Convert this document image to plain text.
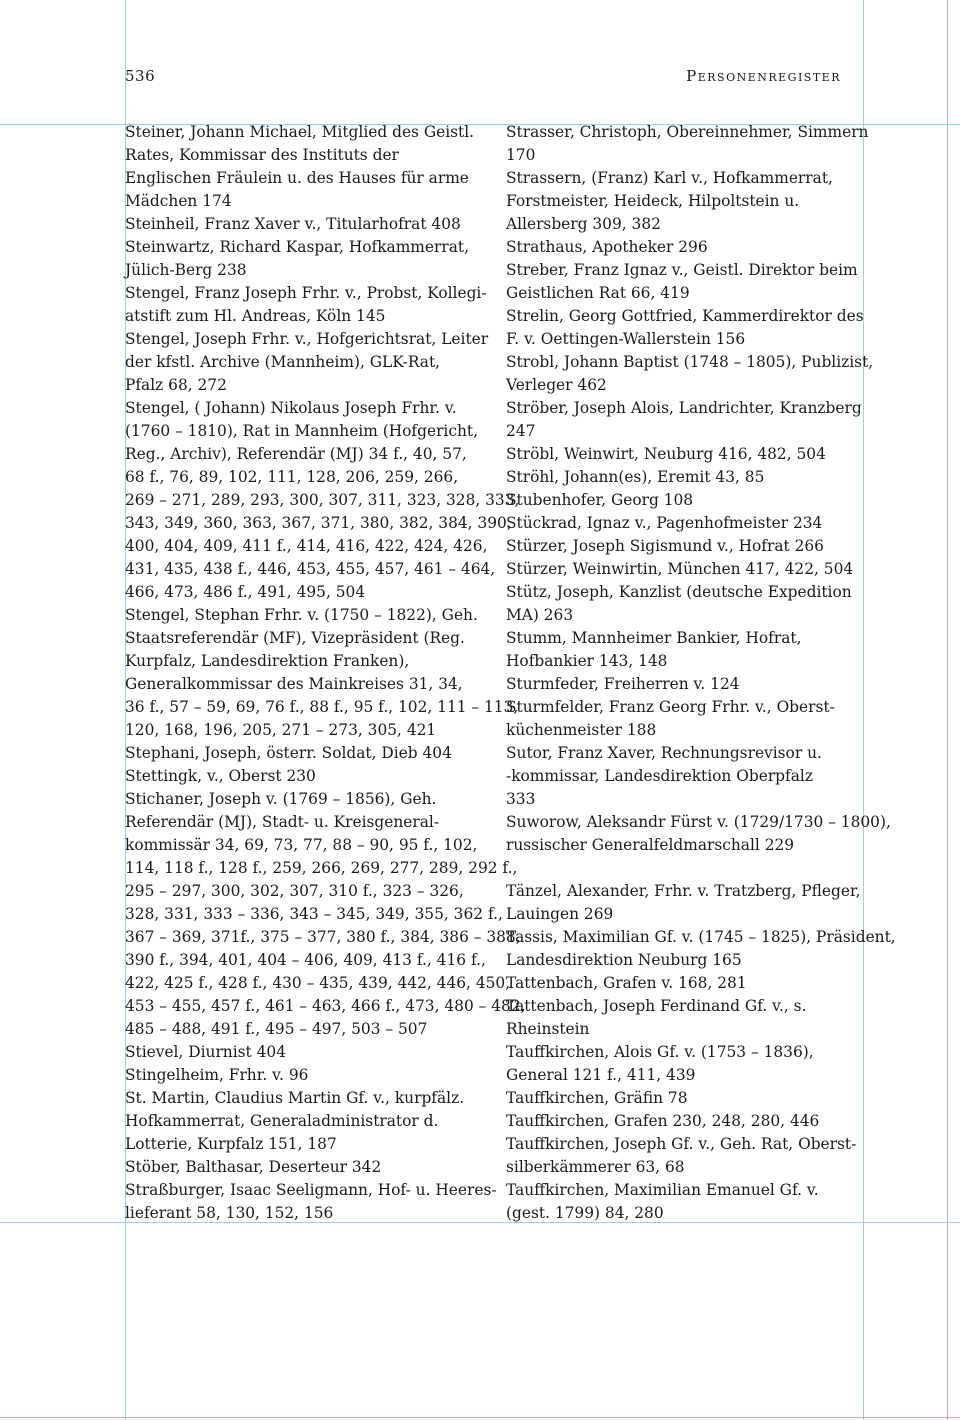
536	Personenregister

Steiner, Johann Michael, Mitglied des Geistl.
Rates, Kommissar des Instituts der
Englischen Fräulein u. des Hauses für arme
Mädchen 174

Steinheil, Franz Xaver v., Titularhofrat 408

Steinwartz, Richard Kaspar, Hofkammerrat,
Jülich-Berg 238

Stengel, Franz Joseph Frhr. v., Probst, Kollegi-
atstift zum Hl. Andreas, Köln 145

Stengel, Joseph Frhr. v., Hofgerichtsrat, Leiter
der kfstl. Archive (Mannheim), GLK-Rat,
Pfalz 68, 272

Stengel, ( Johann) Nikolaus Joseph Frhr. v.
(1760 – 1810), Rat in Mannheim (Hofgericht,
Reg., Archiv), Referendär (MJ) 34 f., 40, 57,
68 f., 76, 89, 102, 111, 128, 206, 259, 266,
269 – 271, 289, 293, 300, 307, 311, 323, 328, 333,
343, 349, 360, 363, 367, 371, 380, 382, 384, 390,
400, 404, 409, 411 f., 414, 416, 422, 424, 426,
431, 435, 438 f., 446, 453, 455, 457, 461 – 464,
466, 473, 486 f., 491, 495, 504

Stengel, Stephan Frhr. v. (1750 – 1822), Geh.
Staatsreferendär (MF), Vizepräsident (Reg.
Kurpfalz, Landesdirektion Franken),
Generalkommissar des Mainkreises 31, 34,
36 f., 57 – 59, 69, 76 f., 88 f., 95 f., 102, 111 – 113,
120, 168, 196, 205, 271 – 273, 305, 421

Stephani, Joseph, österr. Soldat, Dieb 404

Stettingk, v., Oberst 230

Stichaner, Joseph v. (1769 – 1856), Geh.
Referendär (MJ), Stadt- u. Kreisgeneral-
kommissär 34, 69, 73, 77, 88 – 90, 95 f., 102,
114, 118 f., 128 f., 259, 266, 269, 277, 289, 292 f.,
295 – 297, 300, 302, 307, 310 f., 323 – 326,
328, 331, 333 – 336, 343 – 345, 349, 355, 362 f.,
367 – 369, 371f., 375 – 377, 380 f., 384, 386 – 388,
390 f., 394, 401, 404 – 406, 409, 413 f., 416 f.,
422, 425 f., 428 f., 430 – 435, 439, 442, 446, 450,
453 – 455, 457 f., 461 – 463, 466 f., 473, 480 – 482,
485 – 488, 491 f., 495 – 497, 503 – 507

Stievel, Diurnist 404

Stingelheim, Frhr. v. 96

St. Martin, Claudius Martin Gf. v., kurpfälz.
Hofkammerrat, Generaladministrator d.
Lotterie, Kurpfalz 151, 187

Stöber, Balthasar, Deserteur 342

Straßburger, Isaac Seeligmann, Hof- u. Heeres-
lieferant 58, 130, 152, 156

Strasser, Christoph, Obereinnehmer, Simmern
170

Strassern, (Franz) Karl v., Hofkammerrat,
Forstmeister, Heideck, Hilpoltstein u.
Allersberg 309, 382

Strathaus, Apotheker 296

Streber, Franz Ignaz v., Geistl. Direktor beim
Geistlichen Rat 66, 419

Strelin, Georg Gottfried, Kammerdirektor des
F. v. Oettingen-Wallerstein 156

Strobl, Johann Baptist (1748 – 1805), Publizist,
Verleger 462

Ströber, Joseph Alois, Landrichter, Kranzberg
247

Ströbl, Weinwirt, Neuburg 416, 482, 504

Ströhl, Johann(es), Eremit 43, 85

Stubenhofer, Georg 108

Stückrad, Ignaz v., Pagenhofmeister 234

Stürzer, Joseph Sigismund v., Hofrat 266

Stürzer, Weinwirtin, München 417, 422, 504

Stütz, Joseph, Kanzlist (deutsche Expedition
MA) 263

Stumm, Mannheimer Bankier, Hofrat,
Hofbankier 143, 148

Sturmfeder, Freiherren v. 124

Sturmfelder, Franz Georg Frhr. v., Oberst-
küchenmeister 188

Sutor, Franz Xaver, Rechnungsrevisor u.
-kommissar, Landesdirektion Oberpfalz
333

Suworow, Aleksandr Fürst v. (1729/1730 – 1800),
russischer Generalfeldmarschall 229

Tänzel, Alexander, Frhr. v. Tratzberg, Pfleger,
Lauingen 269

Tassis, Maximilian Gf. v. (1745 – 1825), Präsident,
Landesdirektion Neuburg 165

Tattenbach, Grafen v. 168, 281

Tattenbach, Joseph Ferdinand Gf. v., s.
Rheinstein

Tauffkirchen, Alois Gf. v. (1753 – 1836),
General 121 f., 411, 439

Tauffkirchen, Gräfin 78

Tauffkirchen, Grafen 230, 248, 280, 446

Tauffkirchen, Joseph Gf. v., Geh. Rat, Oberst-
silberkämmerer 63, 68

Tauffkirchen, Maximilian Emanuel Gf. v.
(gest. 1799) 84, 280
